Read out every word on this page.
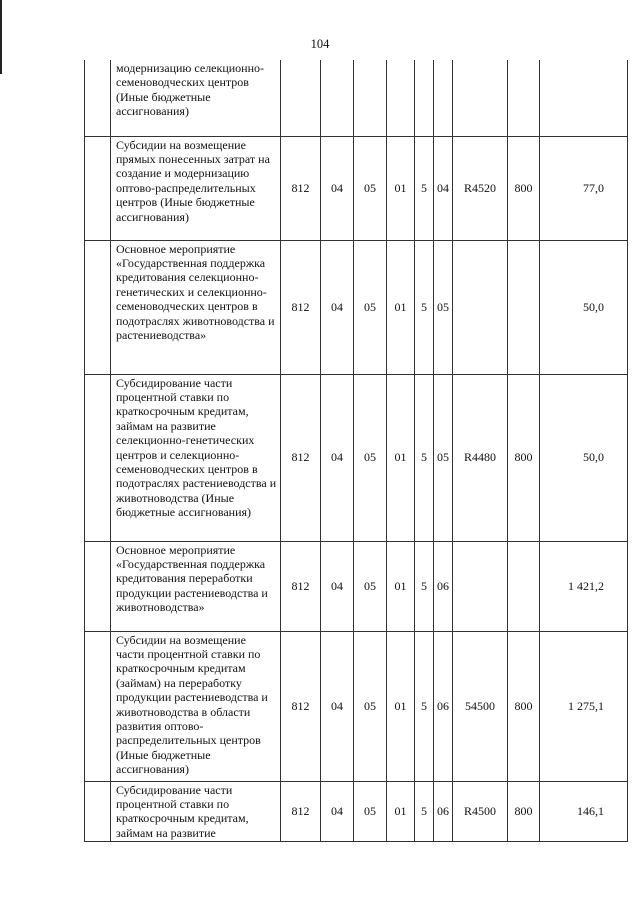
104
	модернизацию селекционно-семеноводческих центров (Иные бюджетные ассигнования)									
	Субсидии на возмещение прямых понесенных затрат на создание и модернизацию оптово-распределительных центров (Иные бюджетные ассигнования)	812	04	05	01	5	04	R4520	800	77,0
	Основное мероприятие «Государственная поддержка кредитования селекционно-генетических и селекционно-семеноводческих центров в подотраслях животноводства и растениеводства»	812	04	05	01	5	05			50,0
	Субсидирование части процентной ставки по краткосрочным кредитам, займам на развитие селекционно-генетических центров и селекционно-семеноводческих центров в подотраслях растениеводства и животноводства (Иные бюджетные ассигнования)	812	04	05	01	5	05	R4480	800	50,0
	Основное мероприятие «Государственная поддержка кредитования переработки продукции растениеводства и животноводства»	812	04	05	01	5	06			1 421,2
	Субсидии на возмещение части процентной ставки по краткосрочным кредитам (займам) на переработку продукции растениеводства и животноводства в области развития оптово-распределительных центров (Иные бюджетные ассигнования)	812	04	05	01	5	06	54500	800	1 275,1
	Субсидирование части процентной ставки по краткосрочным кредитам, займам на развитие	812	04	05	01	5	06	R4500	800	146,1
